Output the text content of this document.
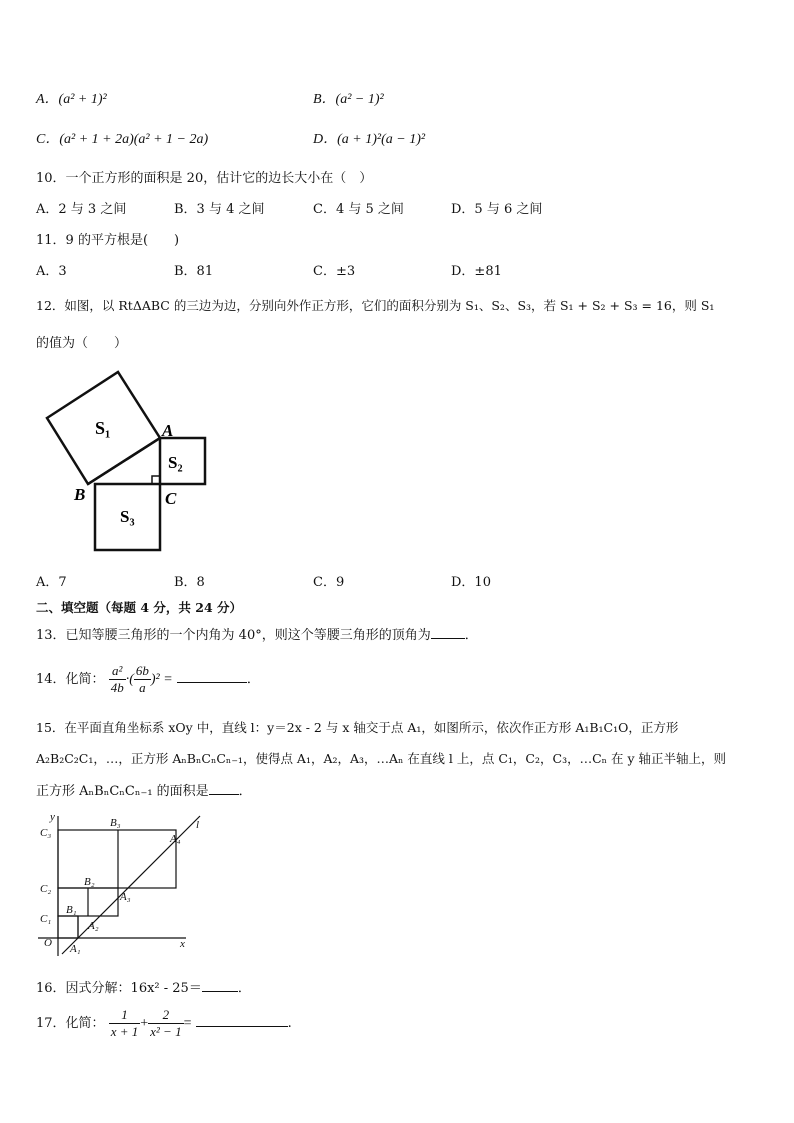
A．(a² + 1)²	B．(a² − 1)²
C．(a² + 1 + 2a)(a² + 1 − 2a)	D．(a + 1)²(a − 1)²
10．一个正方形的面积是 20，估计它的边长大小在（　）
A．2 与 3 之间	B．3 与 4 之间	C．4 与 5 之间	D．5 与 6 之间
11．9 的平方根是(　　)
A．3	B．81	C．±3	D．±81
12．如图，以 RtΔABC 的三边为边，分别向外作正方形，它们的面积分别为 S₁、S₂、S₃，若 S₁ + S₂ + S₃ = 16，则 S₁
的值为（　　）
S₁
S₂
S₃
A
B	C
A．7	B．8	C．9	D．10
二、填空题（每题 4 分，共 24 分）
13．已知等腰三角形的一个内角为 40°，则这个等腰三角形的顶角为	．
14．化简： $\frac{\text{a²}}{4b}$ ·( $\frac{6b}{a} )^2$ =	．
15．在平面直角坐标系 xOy 中，直线 l：y＝2x - 2 与 x 轴交于点 A₁，如图所示，依次作正方形 A₁B₁C₁O，正方形
A₂B₂C₂C₁，…，正方形 AₙBₙCₙCₙ₋₁，使得点 A₁，A₂，A₃，…Aₙ 在直线 l 上，点 C₁，C₂，C₃，…Cₙ 在 y 轴正半轴上，则
正方形 AₙBₙCₙCₙ₋₁ 的面积是 ．
y
x
O
l
C₁
C₂
C₃
B₁
B₂
B₃
A₁
A₂
A₃
A₄
16．因式分解：16x² - 25＝	．
17．化简： $\frac{1}{x + 1} + \frac{2}{\text{x² − 1}}$ =	.
